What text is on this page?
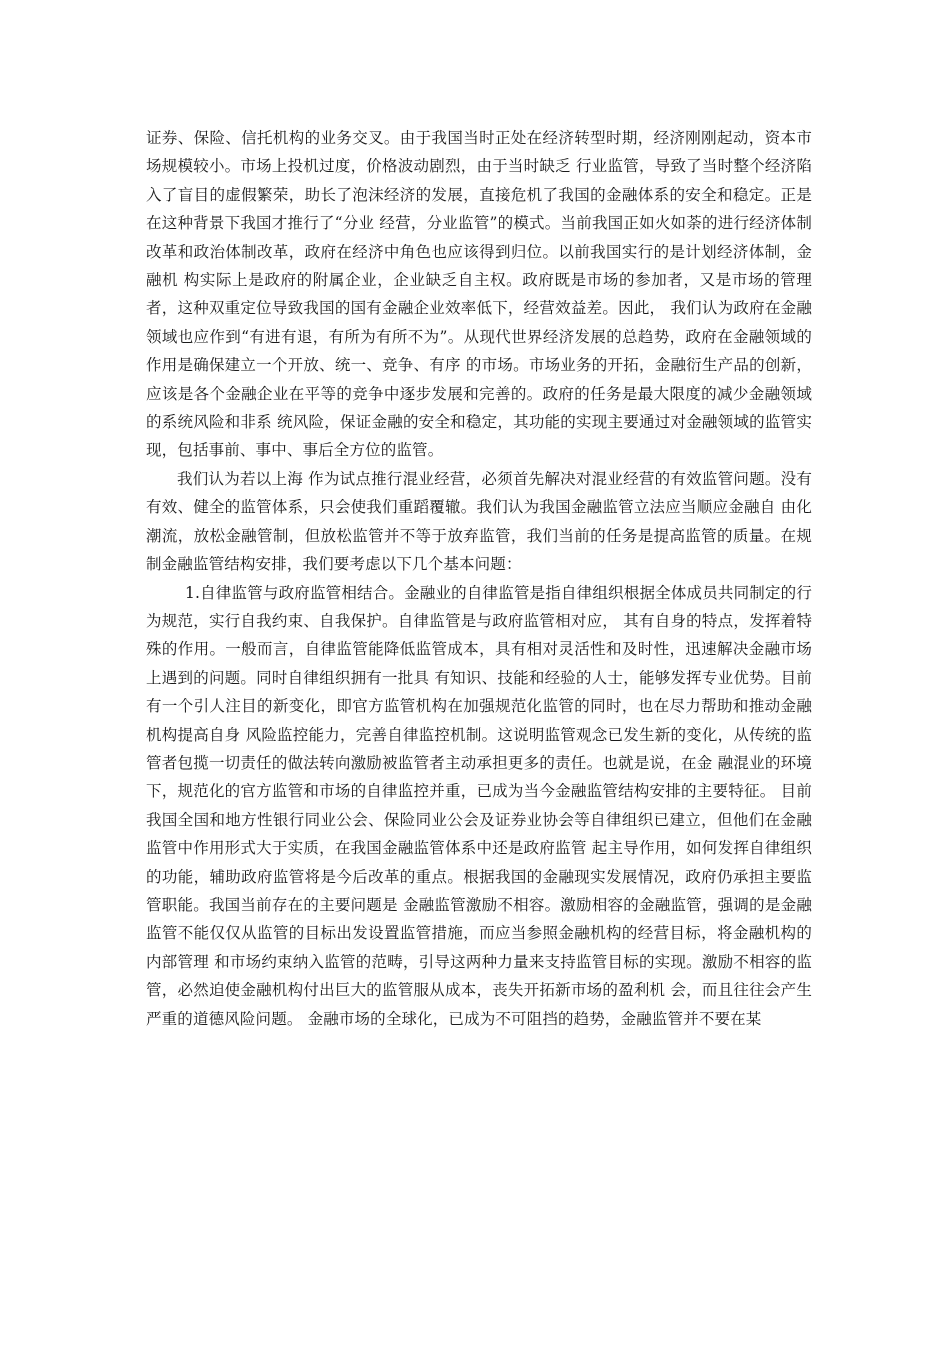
证券、保险、信托机构的业务交叉。由于我国当时正处在经济转型时期，经济刚刚起动，资本市场规模较小。市场上投机过度，价格波动剧烈，由于当时缺乏 行业监管，导致了当时整个经济陷入了盲目的虚假繁荣，助长了泡沫经济的发展，直接危机了我国的金融体系的安全和稳定。正是在这种背景下我国才推行了“分业 经营，分业监管”的模式。当前我国正如火如荼的进行经济体制改革和政治体制改革，政府在经济中角色也应该得到归位。以前我国实行的是计划经济体制，金融机 构实际上是政府的附属企业，企业缺乏自主权。政府既是市场的参加者，又是市场的管理者，这种双重定位导致我国的国有金融企业效率低下，经营效益差。因此， 我们认为政府在金融领域也应作到“有进有退，有所为有所不为”。从现代世界经济发展的总趋势，政府在金融领域的作用是确保建立一个开放、统一、竞争、有序 的市场。市场业务的开拓，金融衍生产品的创新，应该是各个金融企业在平等的竞争中逐步发展和完善的。政府的任务是最大限度的减少金融领域的系统风险和非系 统风险，保证金融的安全和稳定，其功能的实现主要通过对金融领域的监管实现，包括事前、事中、事后全方位的监管。

我们认为若以上海 作为试点推行混业经营，必须首先解决对混业经营的有效监管问题。没有有效、健全的监管体系，只会使我们重蹈覆辙。我们认为我国金融监管立法应当顺应金融自 由化潮流，放松金融管制，但放松监管并不等于放弃监管，我们当前的任务是提高监管的质量。在规制金融监管结构安排，我们要考虑以下几个基本问题：

1.自律监管与政府监管相结合。金融业的自律监管是指自律组织根据全体成员共同制定的行为规范，实行自我约束、自我保护。自律监管是与政府监管相对应， 其有自身的特点，发挥着特殊的作用。一般而言，自律监管能降低监管成本，具有相对灵活性和及时性，迅速解决金融市场上遇到的问题。同时自律组织拥有一批具 有知识、技能和经验的人士，能够发挥专业优势。目前有一个引人注目的新变化，即官方监管机构在加强规范化监管的同时，也在尽力帮助和推动金融机构提高自身 风险监控能力，完善自律监控机制。这说明监管观念已发生新的变化，从传统的监管者包揽一切责任的做法转向激励被监管者主动承担更多的责任。也就是说，在金 融混业的环境下，规范化的官方监管和市场的自律监控并重，已成为当今金融监管结构安排的主要特征。 目前我国全国和地方性银行同业公会、保险同业公会及证券业协会等自律组织已建立，但他们在金融监管中作用形式大于实质，在我国金融监管体系中还是政府监管 起主导作用，如何发挥自律组织的功能，辅助政府监管将是今后改革的重点。根据我国的金融现实发展情况，政府仍承担主要监管职能。我国当前存在的主要问题是 金融监管激励不相容。激励相容的金融监管，强调的是金融监管不能仅仅从监管的目标出发设置监管措施，而应当参照金融机构的经营目标，将金融机构的内部管理 和市场约束纳入监管的范畴，引导这两种力量来支持监管目标的实现。激励不相容的监管，必然迫使金融机构付出巨大的监管服从成本，丧失开拓新市场的盈利机 会，而且往往会产生严重的道德风险问题。 金融市场的全球化，已成为不可阻挡的趋势，金融监管并不要在某
